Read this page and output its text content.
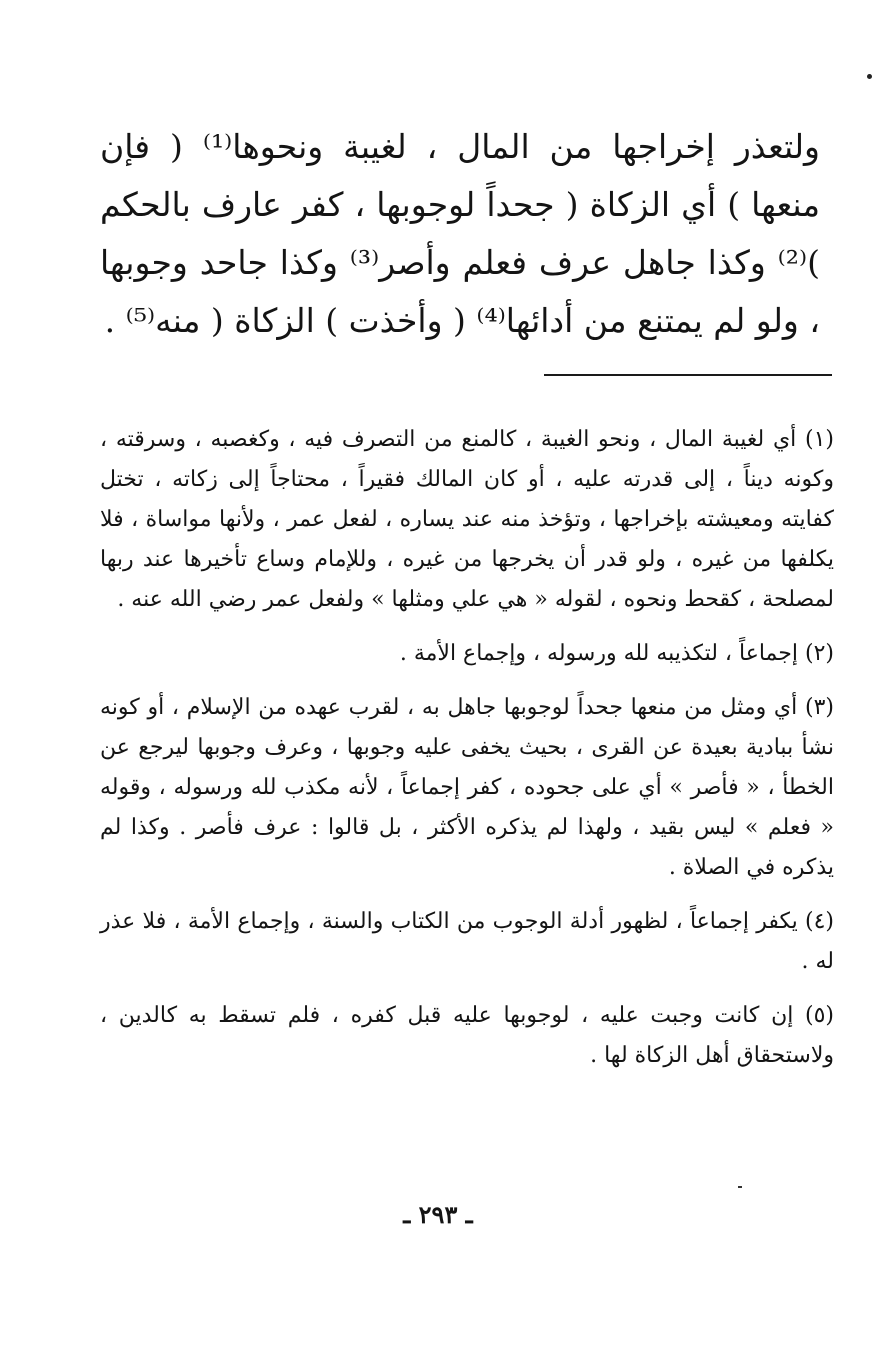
ولتعذر إخراجها من المال ، لغيبة ونحوها⁽¹⁾ ( فإن منعها ) أي الزكاة ( جحداً لوجوبها ، كفر عارف بالحكم )⁽²⁾ وكذا جاهل عرف فعلم وأصر⁽³⁾ وكذا جاحد وجوبها ، ولو لم يمتنع من أدائها⁽⁴⁾ ( وأخذت ) الزكاة ( منه⁽⁵⁾ .

(١) أي لغيبة المال ، ونحو الغيبة ، كالمنع من التصرف فيه ، وكغصبه ، وسرقته ، وكونه ديناً ، إلى قدرته عليه ، أو كان المالك فقيراً ، محتاجاً إلى زكاته ، تختل كفايته ومعيشته بإخراجها ، وتؤخذ منه عند يساره ، لفعل عمر ، ولأنها مواساة ، فلا يكلفها من غيره ، ولو قدر أن يخرجها من غيره ، وللإمام وساع تأخيرها عند ربها لمصلحة ، كقحط ونحوه ، لقوله « هي علي ومثلها » ولفعل عمر رضي الله عنه .

(٢) إجماعاً ، لتكذيبه لله ورسوله ، وإجماع الأمة .

(٣) أي ومثل من منعها جحداً لوجوبها جاهل به ، لقرب عهده من الإسلام ، أو كونه نشأ ببادية بعيدة عن القرى ، بحيث يخفى عليه وجوبها ، وعرف وجوبها ليرجع عن الخطأ ، « فأصر » أي على جحوده ، كفر إجماعاً ، لأنه مكذب لله ورسوله ، وقوله « فعلم » ليس بقيد ، ولهذا لم يذكره الأكثر ، بل قالوا : عرف فأصر . وكذا لم يذكره في الصلاة .

(٤) يكفر إجماعاً ، لظهور أدلة الوجوب من الكتاب والسنة ، وإجماع الأمة ، فلا عذر له .

(٥) إن كانت وجبت عليه ، لوجوبها عليه قبل كفره ، فلم تسقط به كالدين ، ولاستحقاق أهل الزكاة لها .

ـ ٢٩٣ ـ
